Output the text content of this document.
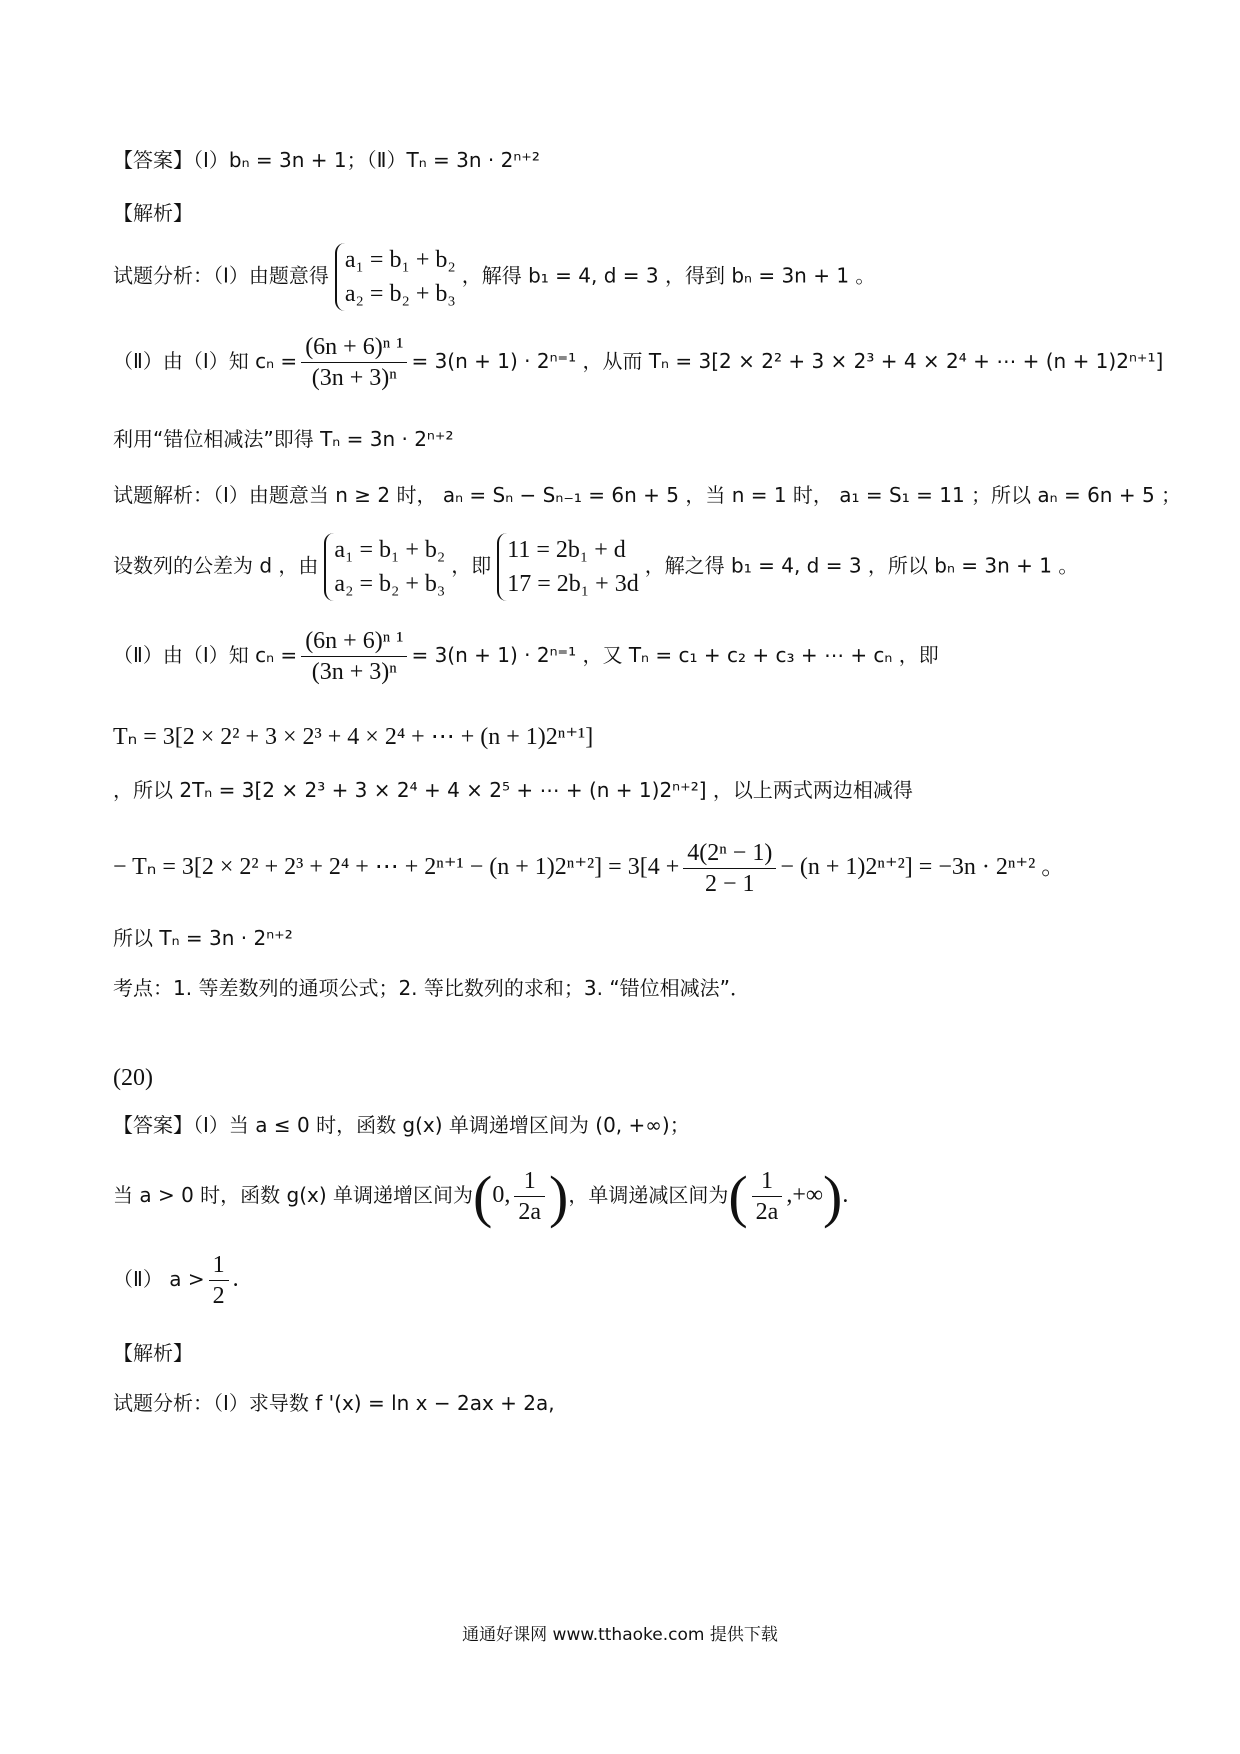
【答案】（Ⅰ）bₙ = 3n + 1；（Ⅱ）Tₙ = 3n · 2ⁿ⁺²
【解析】
试题分析：（Ⅰ）由题意得
a₁ = b₁ + b₂
a₂ = b₂ + b₃
，解得 b₁ = 4, d = 3 ，得到 bₙ = 3n + 1 。
（Ⅱ）由（Ⅰ）知 $c_n = \frac{\text{(6n + 6)ⁿ ¹}}{\text{(3n + 3)ⁿ}} = 3(n + 1) \cdot 2^{n=1}$ ，从而 Tₙ = 3[2 × 2² + 3 × 2³ + 4 × 2⁴ + ⋯ + (n + 1)2ⁿ⁺¹]
利用“错位相减法”即得 Tₙ = 3n · 2ⁿ⁺²
试题解析：（Ⅰ）由题意当 n ≥ 2 时， aₙ = Sₙ − Sₙ₋₁ = 6n + 5 ，当 n = 1 时， a₁ = S₁ = 11 ；所以 aₙ = 6n + 5 ；
设数列的公差为 d ，由
a₁ = b₁ + b₂
a₂ = b₂ + b₃
，即
11 = 2b₁ + d
17 = 2b₁ + 3d
，解之得 b₁ = 4, d = 3 ，所以 bₙ = 3n + 1 。
（Ⅱ）由（Ⅰ）知 $c_n = \frac{\text{(6n + 6)ⁿ ¹}}{\text{(3n + 3)ⁿ}} = 3(n + 1) \cdot 2^{n=1}$ ，又 Tₙ = c₁ + c₂ + c₃ + ⋯ + cₙ ，即
Tₙ = 3[2 × 2² + 3 × 2³ + 4 × 2⁴ + ⋯ + (n + 1)2ⁿ⁺¹]
，所以 2Tₙ = 3[2 × 2³ + 3 × 2⁴ + 4 × 2⁵ + ⋯ + (n + 1)2ⁿ⁺²] ，以上两式两边相减得
− Tₙ = 3[2 × 2² + 2³ + 2⁴ + ⋯ + $2^{n+1} - (n + 1)2^{n+2}] = 3[4 + \frac{\text{4(2ⁿ − 1)}}{2 - 1} - (n + 1)2^{n+2}] = -3n \cdot 2^{n+2}$ 。
所以 Tₙ = 3n · 2ⁿ⁺²
考点：1. 等差数列的通项公式；2. 等比数列的求和；3. “错位相减法”．
(20)
【答案】（Ⅰ）当 a ≤ 0 时，函数 g(x) 单调递增区间为 (0, +∞)；
当 a > 0 时，函数 g(x) 单调递增区间为(0, $\frac{1}{2a}$ )，单调递减区间为( $\frac{1}{2a}$ ,+∞).
（Ⅱ） $a > \frac{1}{2}$ .
【解析】
试题分析：（Ⅰ）求导数 f '(x) = ln x − 2ax + 2a,
通通好课网 www.tthaoke.com 提供下载
